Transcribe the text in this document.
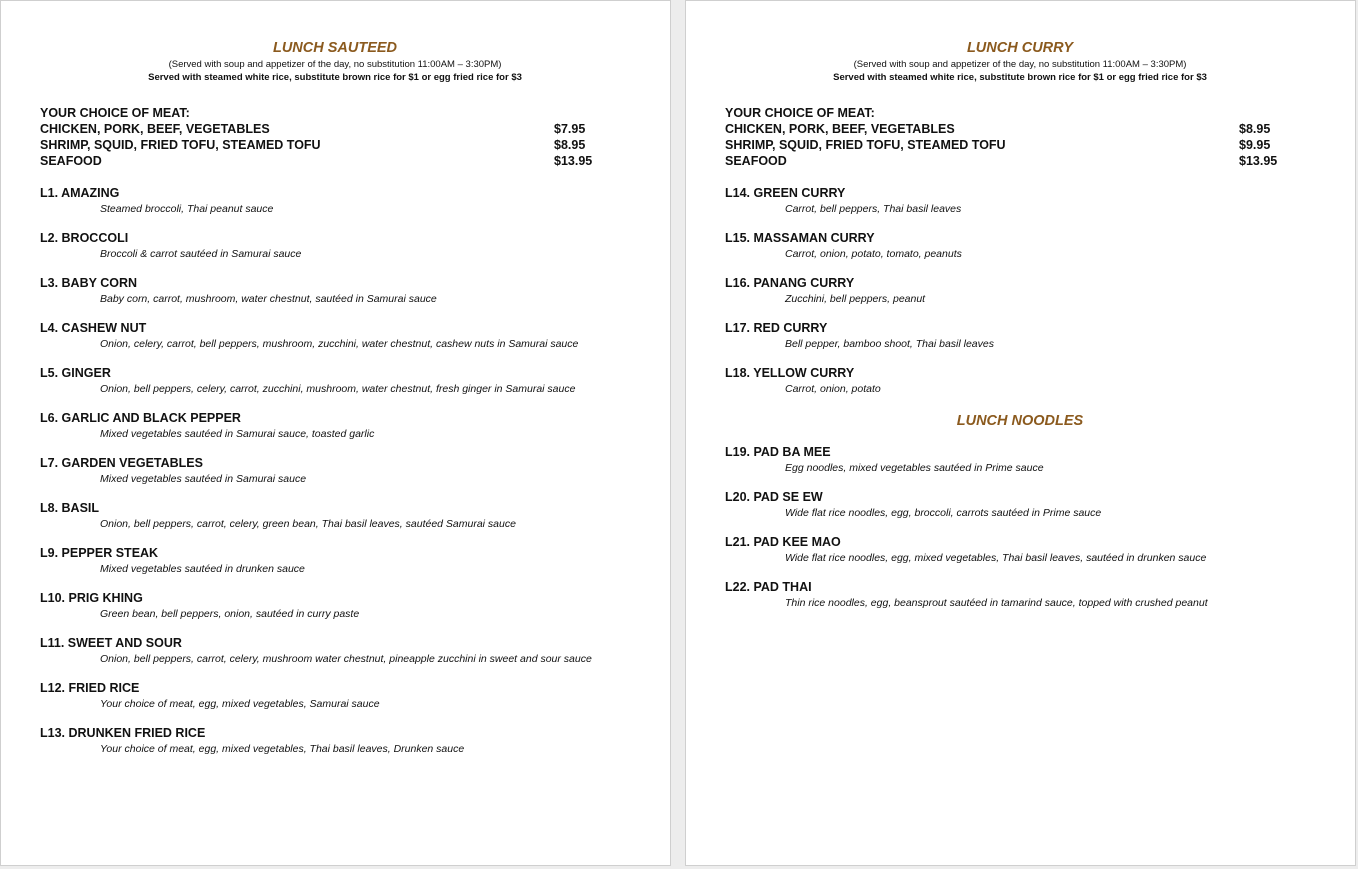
LUNCH SAUTEED

(Served with soup and appetizer of the day, no substitution 11:00AM – 3:30PM)

Served with steamed white rice, substitute brown rice for $1 or egg fried rice for $3

YOUR CHOICE OF MEAT:
CHICKEN, PORK, BEEF, VEGETABLES	$7.95
SHRIMP, SQUID, FRIED TOFU, STEAMED TOFU	$8.95
SEAFOOD	$13.95
L1. AMAZING
Steamed broccoli, Thai peanut sauce
L2. BROCCOLI
Broccoli & carrot sautéed in Samurai sauce
L3. BABY CORN
Baby corn, carrot, mushroom, water chestnut, sautéed in Samurai sauce
L4. CASHEW NUT
Onion, celery, carrot, bell peppers, mushroom, zucchini, water chestnut, cashew nuts in Samurai sauce
L5. GINGER
Onion, bell peppers, celery, carrot, zucchini, mushroom, water chestnut, fresh ginger in Samurai sauce
L6. GARLIC AND BLACK PEPPER
Mixed vegetables sautéed in Samurai sauce, toasted garlic
L7. GARDEN VEGETABLES
Mixed vegetables sautéed in Samurai sauce
L8. BASIL
Onion, bell peppers, carrot, celery, green bean, Thai basil leaves, sautéed Samurai sauce
L9. PEPPER STEAK
Mixed vegetables sautéed in drunken sauce
L10. PRIG KHING
Green bean, bell peppers, onion, sautéed in curry paste
L11. SWEET AND SOUR
Onion, bell peppers, carrot, celery, mushroom water chestnut, pineapple zucchini in sweet and sour sauce
L12. FRIED RICE
Your choice of meat, egg, mixed vegetables, Samurai sauce
L13. DRUNKEN FRIED RICE
Your choice of meat, egg, mixed vegetables, Thai basil leaves, Drunken sauce
LUNCH CURRY

(Served with soup and appetizer of the day, no substitution 11:00AM – 3:30PM)

Served with steamed white rice, substitute brown rice for $1 or egg fried rice for $3

YOUR CHOICE OF MEAT:
CHICKEN, PORK, BEEF, VEGETABLES	$8.95
SHRIMP, SQUID, FRIED TOFU, STEAMED TOFU	$9.95
SEAFOOD	$13.95
L14. GREEN CURRY
Carrot, bell peppers, Thai basil leaves
L15. MASSAMAN CURRY
Carrot, onion, potato, tomato, peanuts
L16. PANANG CURRY
Zucchini, bell peppers, peanut
L17. RED CURRY
Bell pepper, bamboo shoot, Thai basil leaves
L18. YELLOW CURRY
Carrot, onion, potato
LUNCH NOODLES
L19. PAD BA MEE
Egg noodles, mixed vegetables sautéed in Prime sauce
L20. PAD SE EW
Wide flat rice noodles, egg, broccoli, carrots sautéed in Prime sauce
L21. PAD KEE MAO
Wide flat rice noodles, egg, mixed vegetables, Thai basil leaves, sautéed in drunken sauce
L22. PAD THAI
Thin rice noodles, egg, beansprout sautéed in tamarind sauce, topped with crushed peanut
